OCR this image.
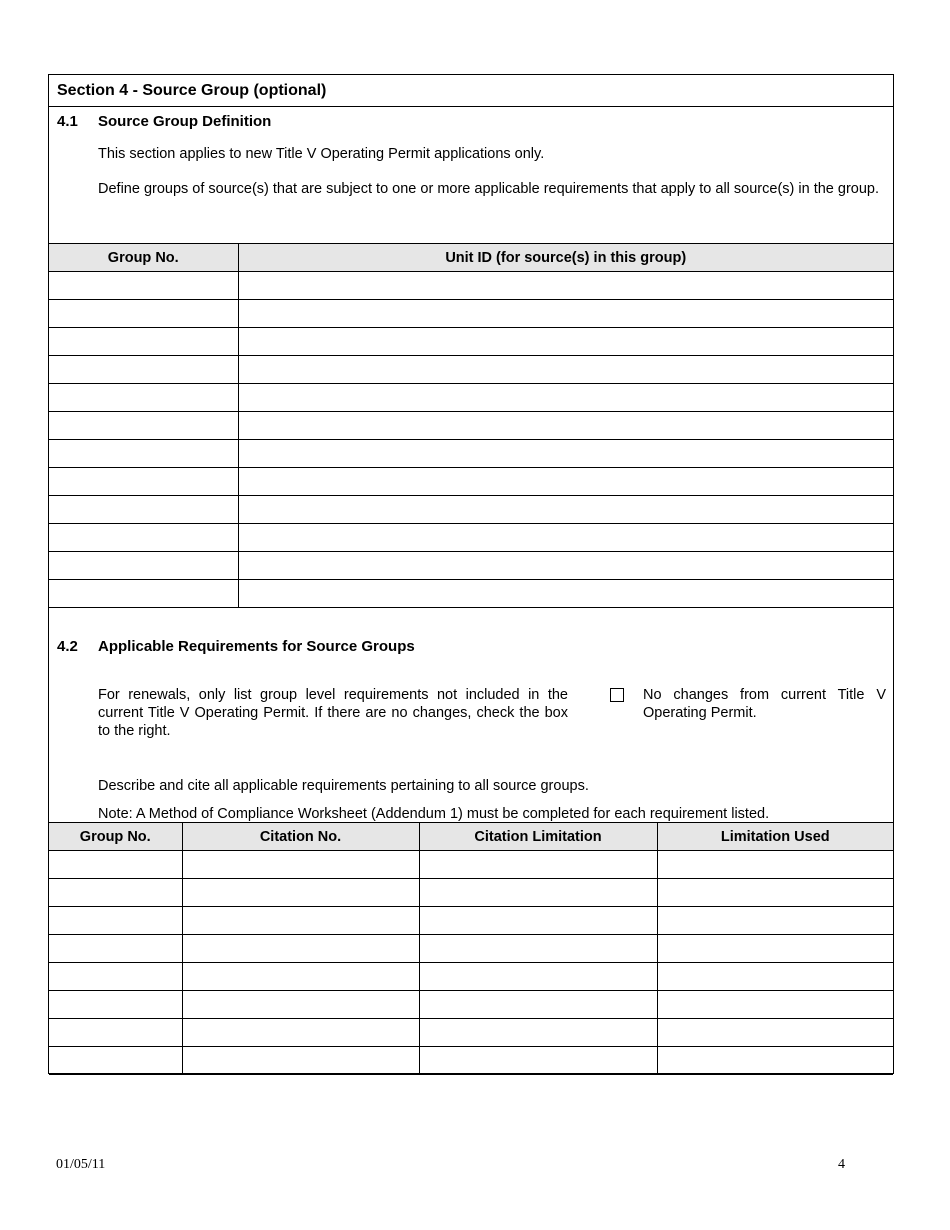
Section 4 - Source Group (optional)
4.1 Source Group Definition
This section applies to new Title V Operating Permit applications only.
Define groups of source(s) that are subject to one or more applicable requirements that apply to all source(s) in the group.
Group No.	Unit ID (for source(s) in this group)

4.2 Applicable Requirements for Source Groups
For renewals, only list group level requirements not included in the current Title V Operating Permit. If there are no changes, check the box to the right.
No changes from current Title V Operating Permit.
Describe and cite all applicable requirements pertaining to all source groups.
Note: A Method of Compliance Worksheet (Addendum 1) must be completed for each requirement listed.
Group No.	Citation No.	Citation Limitation	Limitation Used

01/05/11	4
